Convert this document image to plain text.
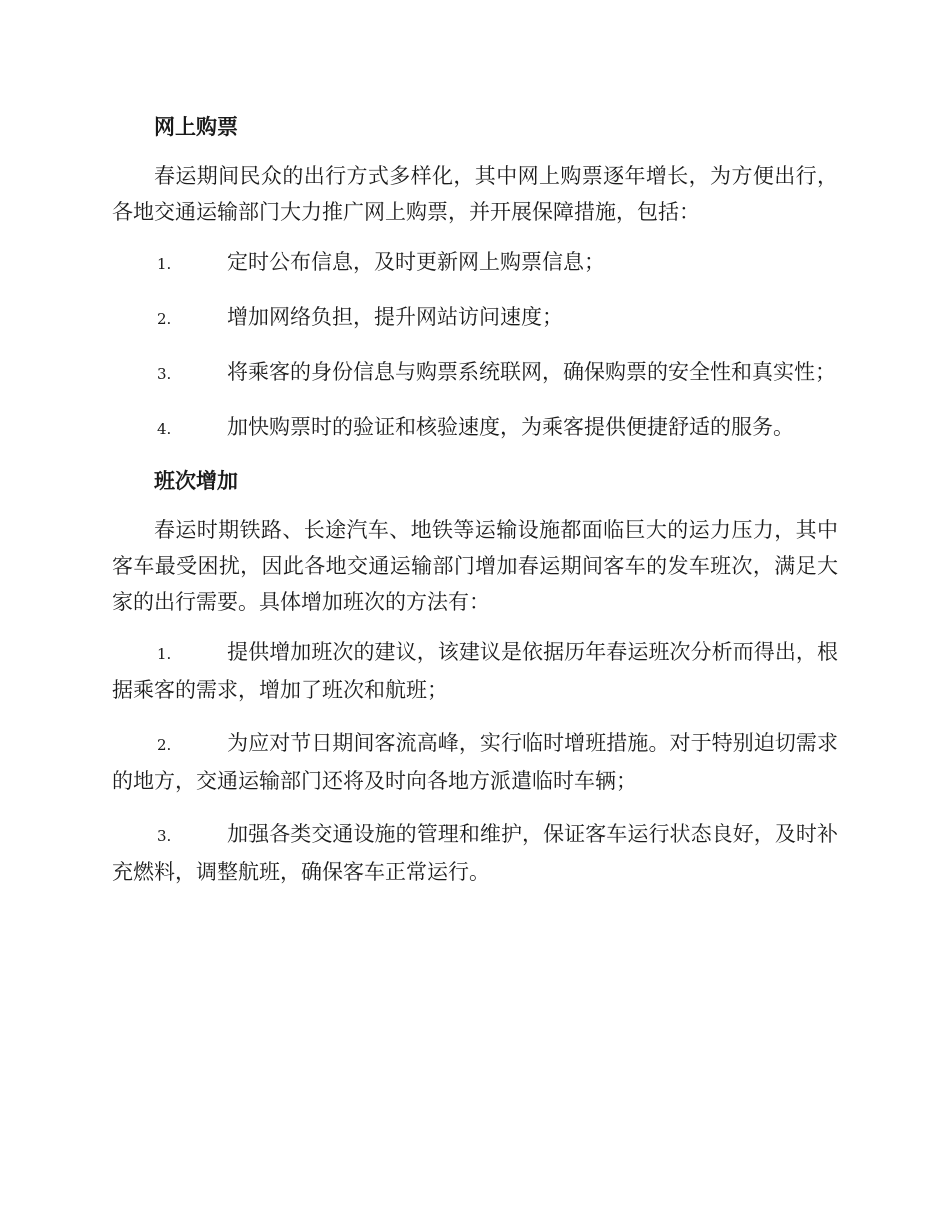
网上购票
春运期间民众的出行方式多样化，其中网上购票逐年增长，为方便出行，各地交通运输部门大力推广网上购票，并开展保障措施，包括：
1.	定时公布信息，及时更新网上购票信息；
2.	增加网络负担，提升网站访问速度；
3.	将乘客的身份信息与购票系统联网，确保购票的安全性和真实性；
4.	加快购票时的验证和核验速度，为乘客提供便捷舒适的服务。
班次增加
春运时期铁路、长途汽车、地铁等运输设施都面临巨大的运力压力，其中客车最受困扰，因此各地交通运输部门增加春运期间客车的发车班次，满足大家的出行需要。具体增加班次的方法有：
1.	提供增加班次的建议，该建议是依据历年春运班次分析而得出，根据乘客的需求，增加了班次和航班；
2.	为应对节日期间客流高峰，实行临时增班措施。对于特别迫切需求的地方，交通运输部门还将及时向各地方派遣临时车辆；
3.	加强各类交通设施的管理和维护，保证客车运行状态良好，及时补充燃料，调整航班，确保客车正常运行。
